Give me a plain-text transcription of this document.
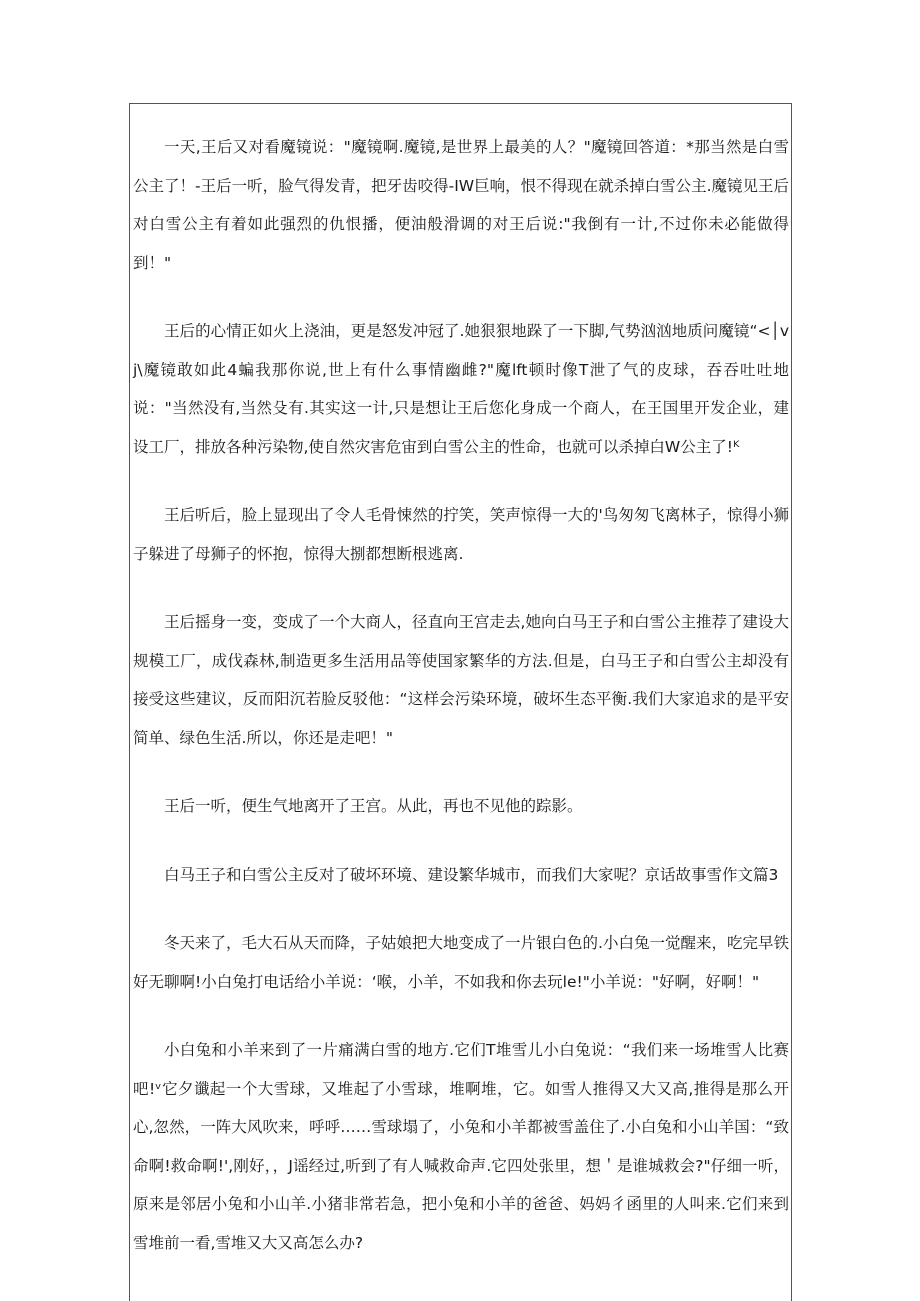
一天,王后又对看魔镜说："魔镜啊.魔镜,是世界上最美的人？"魔镜回答道：*那当然是白雪公主了！-王后一听，脸气得发青，把牙齿咬得-IW巨响，恨不得现在就杀掉白雪公主.魔镜见王后对白雪公主有着如此强烈的仇恨播，便油般滑调的对王后说:"我倒有一计,不过你未必能做得到！"

王后的心情正如火上浇油，更是怒发冲冠了.她狠狠地跺了一下脚,气势汹汹地质问魔镜“<│vj\魔镜敢如此4蝙我那你说,世上有什么事情幽雌?"魔lft顿时像T泄了气的皮球，吞吞吐吐地说："当然没有,当然殳有.其实这一计,只是想让王后您化身成一个商人，在王国里开发企业，建设工厂，排放各种污染物,使自然灾害危宙到白雪公主的性命，也就可以杀掉白W公主了!ᴷ

王后听后，脸上显现出了令人毛骨悚然的拧笑，笑声惊得一大的'鸟匆匆飞离林子，惊得小狮子躲进了母狮子的怀抱，惊得大捌都想断根逃离.

王后摇身一变，变成了一个大商人，径直向王宫走去,她向白马王子和白雪公主推荐了建设大规模工厂，成伐森林,制造更多生活用品等使国家繁华的方法.但是，白马王子和白雪公主却没有接受这些建议，反而阳沉若脸反驳他：“这样会污染环境，破坏生态平衡.我们大家追求的是平安简单、绿色生活.所以，你还是走吧！"

王后一听，便生气地离开了王宫。从此，再也不见他的踪影。

白马王子和白雪公主反对了破坏环境、建设繁华城市，而我们大家呢？京话故事雪作文篇3

冬天来了，毛大石从天而降，子姑娘把大地变成了一片银白色的.小白兔一觉醒来，吃完早铁好无聊啊!小白兔打电话给小羊说：‘喉，小羊，不如我和你去玩le!"小羊说："好啊，好啊！"

小白兔和小羊来到了一片痛满白雪的地方.它们T堆雪儿小白兔说：“我们来一场堆雪人比赛吧!ᵛ它夕谶起一个大雪球，又堆起了小雪球，堆啊堆，它。如雪人推得又大又高,推得是那么开心,忽然，一阵大风吹来，呼呼……雪球塌了，小兔和小羊都被雪盖住了.小白兔和小山羊国：“致命啊!救命啊!',刚好，，J谣经过,听到了有人喊救命声.它四处张里，想＇是谁城救会?"仔细一听，原来是邻居小兔和小山羊.小猪非常若急，把小兔和小羊的爸爸、妈妈彳函里的人叫来.它们来到雪堆前一看,雪堆又大又高怎么办?
